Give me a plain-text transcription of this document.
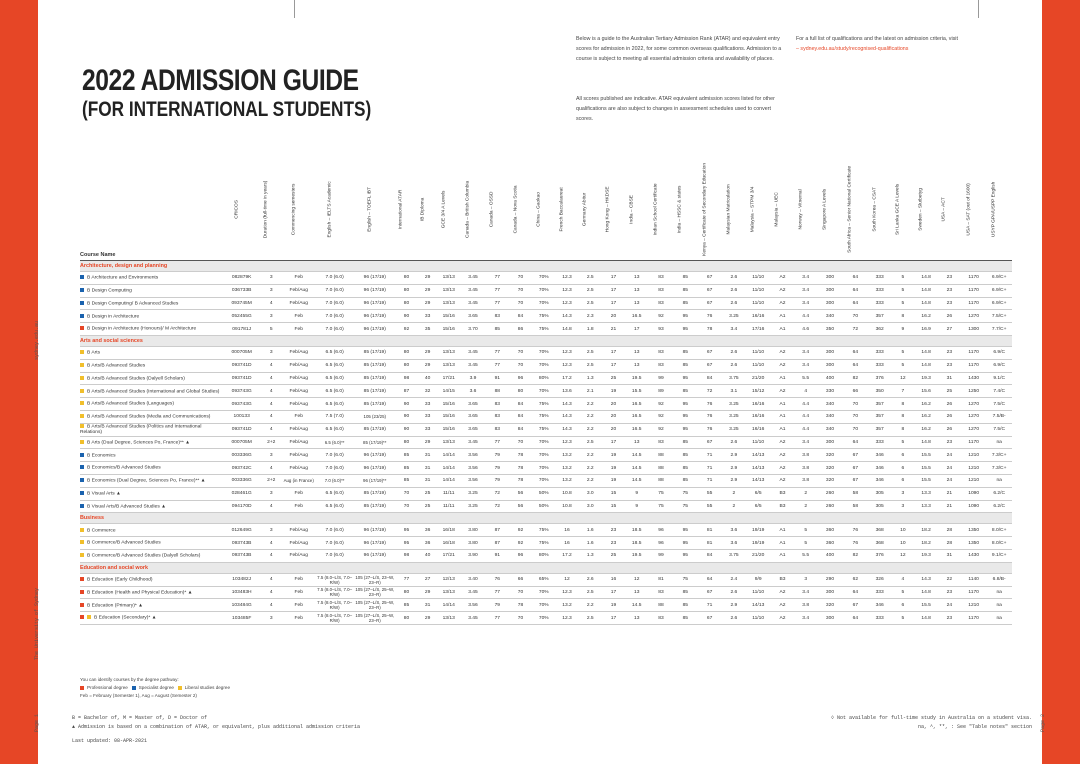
sydney.edu.au
The University of Sydney
Page 1	Page 2
2022 ADMISSION GUIDE
(FOR INTERNATIONAL STUDENTS)
Below is a guide to the Australian Tertiary Admission Rank (ATAR) and equivalent entry scores for admission in 2022, for some common overseas qualifications. Admission to a course is subject to meeting all essential admission criteria and availability of places.
All scores published are indicative. ATAR equivalent admission scores listed for other qualifications are also subject to changes in assessment schedules used to convert scores.
For a full list of qualifications and the latest on admission criteria, visit
– sydney.edu.au/study/recognised-qualifications
Course Name	CRICOS	Duration (full-time in years)	Commencing semesters	English – IELTS Academic	English – TOEFL iBT	International ATAR	IB Diploma	GCE 3/4 A Levels	Canada – British Columbia	Canada – OSSD	Canada – Nova Scotia	China – Gaokao	French Baccalaureat	Germany Abitur	Hong Kong – HKDSE	India – CBSE	Indian School Certificate	India – HSSC & states	Kenya – Certificate of Secondary Education	Malaysian Matriculation	Malaysia – STPM 3/4	Malaysia – UEC	Norway – Vitnemal	Singapore A Levels	South Africa – Senior National Certificate	South Korea – CSAT	Sri Lanka GCE A Levels	Sweden – Slutbetyg	USA – ACT	USA – SAT (out of 1600)	USYP GPA/USPP English

Architecture, design and planning																															
B Architecture and Environments	082879K	3	Feb	7.0 (6.0)	96 (17/19)	80	29	13/13	3.45	77	70	70%	12.3	2.5	17	13	83	85	67	2.6	11/10	A2	3.4	300	64	333	5	14.8	23	1170	6.9/C+
B Design Computing	036733B	3	Feb/Aug	7.0 (6.0)	96 (17/19)	80	29	13/13	3.45	77	70	70%	12.3	2.5	17	13	83	85	67	2.6	11/10	A2	3.4	300	64	333	5	14.8	23	1170	6.9/C+
B Design Computing/ B Advanced Studies	093745M	4	Feb/Aug	7.0 (6.0)	96 (17/19)	80	29	13/13	3.45	77	70	70%	12.3	2.5	17	13	83	85	67	2.6	11/10	A2	3.4	300	64	333	5	14.8	23	1170	6.9/C+
B Design in Architecture	052455G	3	Feb	7.0 (6.0)	96 (17/19)	90	33	15/16	3.65	83	84	75%	14.3	2.3	20	16.5	92	95	76	3.25	16/16	A1	4.4	340	70	357	8	16.2	26	1270	7.5/C+
B Design in Architecture (Honours)/ M Architecture	091781J	5	Feb	7.0 (6.0)	96 (17/19)	92	35	15/16	3.70	85	86	75%	14.8	1.8	21	17	93	95	78	3.4	17/16	A1	4.6	350	72	362	9	16.9	27	1300	7.7/C+
Arts and social sciences																															
B Arts	000705M	3	Feb/Aug	6.5 (6.0)	85 (17/19)	80	29	13/13	3.45	77	70	70%	12.3	2.5	17	13	83	85	67	2.6	11/10	A2	3.4	300	64	333	5	14.8	23	1170	6.9/C
B Arts/B Advanced Studies	093741D	4	Feb/Aug	6.5 (6.0)	85 (17/19)	80	29	13/13	3.45	77	70	70%	12.3	2.5	17	13	83	85	67	2.6	11/10	A2	3.4	300	64	333	5	14.8	23	1170	6.9/C
B Arts/B Advanced Studies (Dalyell Scholars)	093741D	4	Feb/Aug	6.5 (6.0)	85 (17/19)	98	40	17/21	3.9	91	96	80%	17.2	1.3	25	19.5	99	95	84	3.75	21/20	A1	5.5	400	82	376	12	19.3	31	1430	9.1/C
B Arts/B Advanced Studies (International and Global Studies)	093743G	4	Feb/Aug	6.5 (6.0)	85 (17/19)	87	32	14/15	3.6	88	80	70%	13.6	2.1	19	15.5	89	85	72	3.1	15/12	A2	4	330	66	350	7	15.6	25	1250	7.4/C
B Arts/B Advanced Studies (Languages)	093743G	4	Feb/Aug	6.5 (6.0)	85 (17/19)	90	33	15/16	3.65	83	84	75%	14.3	2.2	20	16.5	92	95	76	3.25	16/16	A1	4.4	340	70	357	8	16.2	26	1270	7.5/C
B Arts/B Advanced Studies (Media and Communications)	100133	4	Feb	7.5 (7.0)	105 (23/25)	90	33	15/16	3.65	83	84	75%	14.3	2.2	20	16.5	92	95	76	3.25	16/16	A1	4.4	340	70	357	8	16.2	26	1270	7.5/B-
B Arts/B Advanced Studies (Politics and International Relations)	093741D	4	Feb/Aug	6.5 (6.0)	85 (17/19)	90	33	15/16	3.65	83	84	75%	14.3	2.2	20	16.5	92	95	76	3.25	16/16	A1	4.4	340	70	357	8	16.2	26	1270	7.5/C
B Arts (Dual Degree, Sciences Po, France)** ▲	000705M	2+2	Feb/Aug	6.5 (6.0)**	85 (17/19)**	80	29	13/13	3.45	77	70	70%	12.3	2.5	17	13	83	85	67	2.6	11/10	A2	3.4	300	64	333	5	14.8	23	1170	na
B Economics	003336G	3	Feb/Aug	7.0 (6.0)	96 (17/19)	85	31	14/14	3.56	79	78	70%	13.2	2.2	19	14.5	88	85	71	2.9	14/13	A2	3.8	320	67	346	6	15.5	24	1210	7.3/C+
B Economics/B Advanced Studies	093742C	4	Feb/Aug	7.0 (6.0)	96 (17/19)	85	31	14/14	3.56	79	78	70%	13.2	2.2	19	14.5	88	85	71	2.9	14/13	A2	3.8	320	67	346	6	15.5	24	1210	7.3/C+
B Economics (Dual Degree, Sciences Po, France)** ▲	003336G	2+2	Aug (in France)	7.0 (6.0)**	96 (17/19)**	85	31	14/14	3.56	79	78	70%	13.2	2.2	19	14.5	88	85	71	2.9	14/13	A2	3.8	320	67	346	6	15.5	24	1210	na
B Visual Arts ▲	028461G	3	Feb	6.5 (6.0)	85 (17/19)	70	25	11/11	3.25	72	56	50%	10.8	3.0	15	9	75	75	55	2	6/5	B3	2	260	58	305	3	13.3	21	1090	6.2/C
B Visual Arts/B Advanced Studies ▲	094170D	4	Feb	6.5 (6.0)	85 (17/19)	70	25	11/11	3.25	72	56	50%	10.8	3.0	15	9	75	75	55	2	6/5	B3	2	260	58	305	3	13.3	21	1090	6.2/C
Business																															
B Commerce	012649G	3	Feb/Aug	7.0 (6.0)	96 (17/19)	95	36	16/18	3.80	87	92	75%	16	1.6	23	18.5	96	95	81	3.6	19/19	A1	5	360	76	368	10	18.2	28	1350	8.0/C+
B Commerce/B Advanced Studies	093743B	4	Feb/Aug	7.0 (6.0)	96 (17/19)	95	36	16/18	3.80	87	92	75%	16	1.6	23	18.5	96	95	81	3.6	19/19	A1	5	360	76	368	10	18.2	28	1350	8.0/C+
B Commerce/B Advanced Studies (Dalyell Scholars)	093743B	4	Feb/Aug	7.0 (6.0)	96 (17/19)	98	40	17/21	3.90	91	96	80%	17.2	1.3	25	19.5	99	95	84	3.75	21/20	A1	5.5	400	82	376	12	19.3	31	1430	9.1/C+
Education and social work																															
B Education (Early Childhood)	103482J	4	Feb	7.5 (8.0–L/S, 7.0–R/W)	105 (27–L/S, 23–W, 23–R)	77	27	12/13	3.40	76	66	65%	12	2.6	16	12	81	75	64	2.4	9/9	B3	3	290	62	326	4	14.3	22	1140	6.8/B-
B Education (Health and Physical Education)* ▲	103483H	4	Feb	7.5 (8.0–L/S, 7.0–R/W)	105 (27–L/S, 25–W, 23–R)	80	29	13/13	3.45	77	70	70%	12.3	2.5	17	13	83	85	67	2.6	11/10	A2	3.4	300	64	333	5	14.8	23	1170	na
B Education (Primary)* ▲	103484G	4	Feb	7.5 (8.0–L/S, 7.0–R/W)	105 (27–L/S, 25–W, 23–R)	85	31	14/14	3.56	79	78	70%	13.2	2.2	19	14.5	88	85	71	2.9	14/13	A2	3.8	320	67	346	6	15.5	24	1210	na
B Education (Secondary)* ▲	103485F	3	Feb	7.5 (8.0–L/S, 7.0–R/W)	105 (27–L/S, 25–W, 23–R)	80	29	13/13	3.45	77	70	70%	12.3	2.5	17	13	83	85	67	2.6	11/10	A2	3.4	300	64	333	5	14.8	23	1170	na
You can identify courses by the degree pathway:
Professional degree Specialist degree Liberal studies degree
Feb = February (Semester 1), Aug = August (Semester 2)
B = Bachelor of, M = Master of, D = Doctor of
▲ Admission is based on a combination of ATAR, or equivalent, plus additional admission criteria
Last updated: 08-APR-2021
◊ Not available for full-time study in Australia on a student visa.
na, ^, **, : See "Table notes" section
